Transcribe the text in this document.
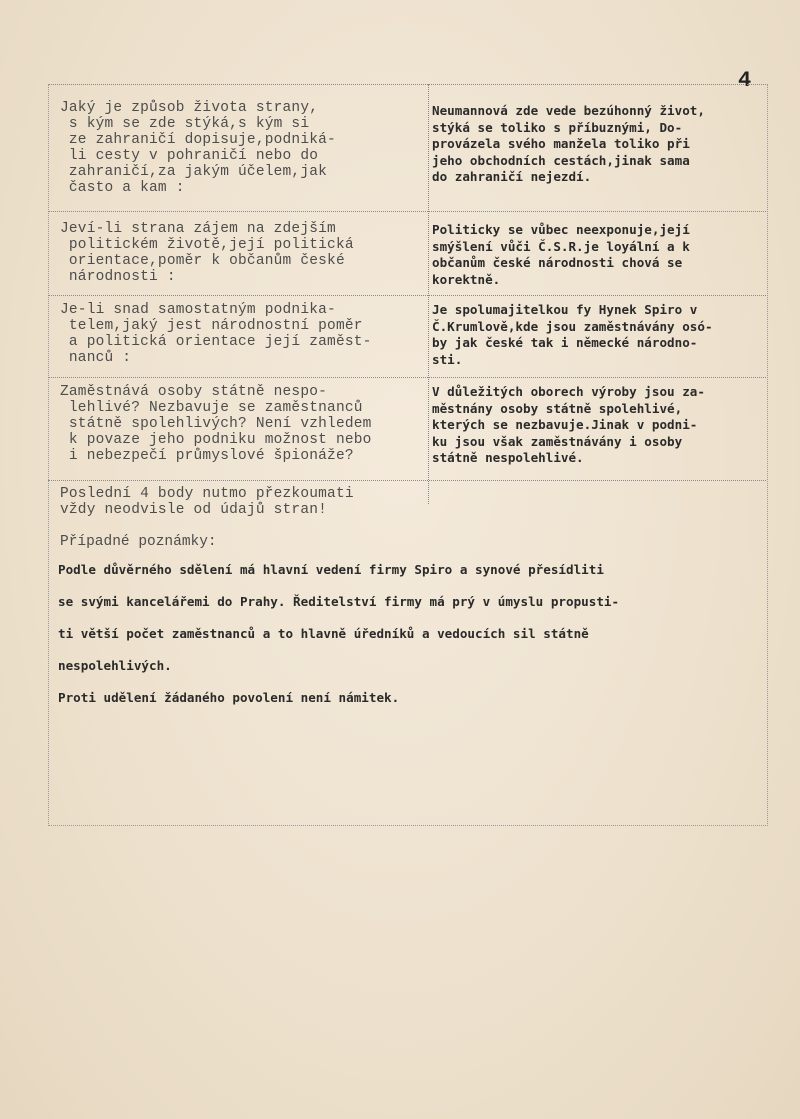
4
Jaký je způsob života strany,
s kým se zde stýká,s kým si
ze zahraničí dopisuje,podniká-
li cesty v pohraničí nebo do
zahraničí,za jakým účelem,jak
často a kam :
Jeví-li strana zájem na zdejším
politickém životě,její politická
orientace,poměr k občanům české
národnosti :
Je-li snad samostatným podnika-
telem,jaký jest národnostní poměr
a politická orientace její zaměst-
nanců :
Zaměstnává osoby státně nespo-
lehlivé? Nezbavuje se zaměstnanců
státně spolehlivých? Není vzhledem
k povaze jeho podniku možnost nebo
i nebezpečí průmyslové špionáže?
Neumannová zde vede bezúhonný život,
stýká se toliko s příbuznými, Do-
provázela svého manžela toliko při
jeho obchodních cestách,jinak sama
do zahraničí nejezdí.
Politicky se vůbec neexponuje,její
smýšlení vůči Č.S.R.je loyální a k
občanům české národnosti chová se
korektně.
Je spolumajitelkou fy Hynek Spiro v
Č.Krumlově,kde jsou zaměstnávány osó-
by jak české tak i německé národno-
sti.
V důležitých oborech výroby jsou za-
městnány osoby státně spolehlivé,
kterých se nezbavuje.Jinak v podni-
ku jsou však zaměstnávány i osoby
státně nespolehlivé.
Poslední 4 body nutmo přezkoumati
vždy neodvisle od údajů stran!
Případné poznámky:
Podle důvěrného sdělení má hlavní vedení firmy Spiro a synové přesídliti
se svými kancelářemi do Prahy. Ředitelství firmy má prý v úmyslu propusti-
ti větší počet zaměstnanců a to hlavně úředníků a vedoucích sil státně
nespolehlivých.
Proti udělení žádaného povolení není námitek.
